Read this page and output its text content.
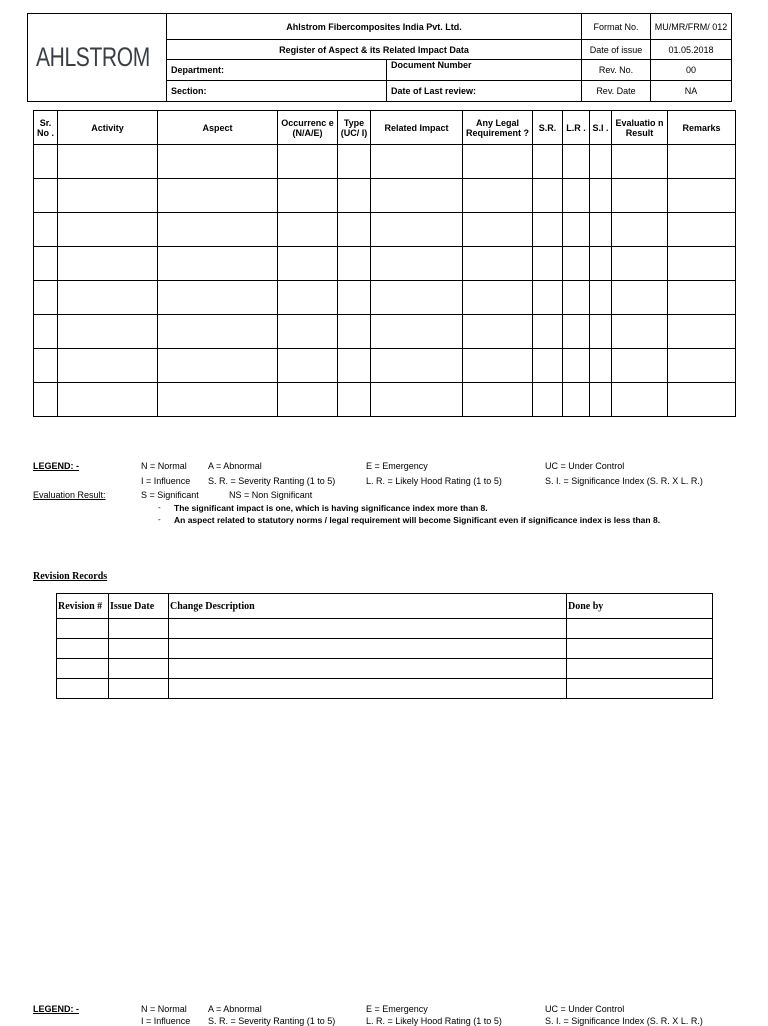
AHLSTROM	Ahlstrom Fibercomposites India Pvt. Ltd.		Format No.	MU/MR/FRM/ 012
	Register of Aspect & its Related Impact Data		Date of issue	01.05.2018
	Department:	Document Number	Rev. No.	00
	Section:	Date of Last review:	Rev. Date	NA
Sr. No .	Activity	Aspect	Occurrenc e (N/A/E)	Type (UC/ I)	Related Impact	Any Legal Requirement ?	S.R.	L.R .	S.I .	Evaluatio n Result	Remarks

LEGEND: -	N = Normal A = Abnormal	E = Emergency	UC = Under Control
I = Influence S. R. = Severity Ranting (1 to 5)	L. R. = Likely Hood Rating (1 to 5)	S. I. = Significance Index (S. R. X L. R.)
Evaluation Result:	S = Significant	NS = Non Significant
- The significant impact is one, which is having significance index more than 8.
- An aspect related to statutory norms / legal requirement will become Significant even if significance index is less than 8.
Revision Records
Revision #	Issue Date	Change Description	Done by

LEGEND: -	N = Normal A = Abnormal	E = Emergency	UC = Under Control
I = Influence S. R. = Severity Ranting (1 to 5)	L. R. = Likely Hood Rating (1 to 5)	S. I. = Significance Index (S. R. X L. R.)
